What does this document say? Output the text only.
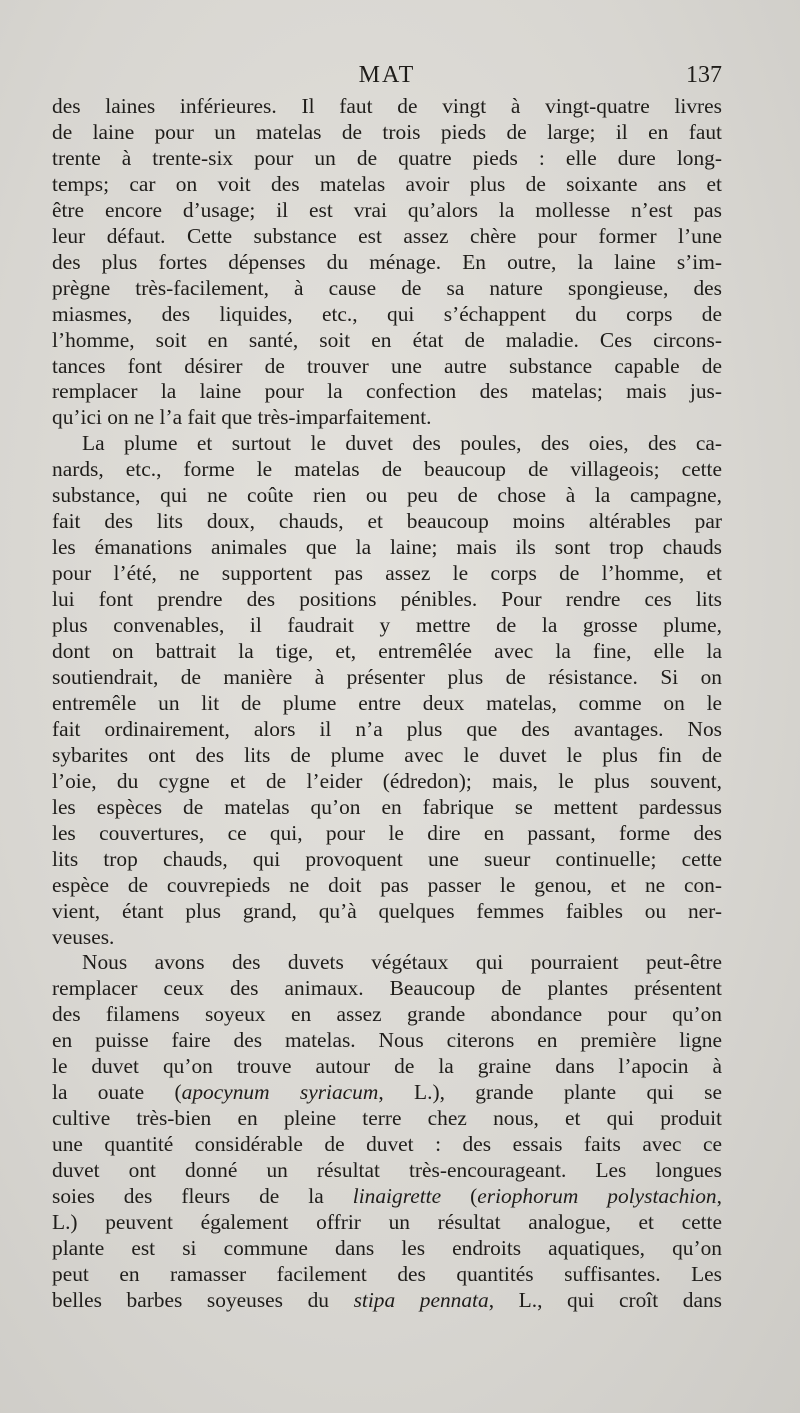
MAT	137
des laines inférieures. Il faut de vingt à vingt-quatre livres
de laine pour un matelas de trois pieds de large; il en faut
trente à trente-six pour un de quatre pieds : elle dure long-
temps; car on voit des matelas avoir plus de soixante ans et
être encore d’usage; il est vrai qu’alors la mollesse n’est pas
leur défaut. Cette substance est assez chère pour former l’une
des plus fortes dépenses du ménage. En outre, la laine s’im-
prègne très-facilement, à cause de sa nature spongieuse, des
miasmes, des liquides, etc., qui s’échappent du corps de
l’homme, soit en santé, soit en état de maladie. Ces circons-
tances font désirer de trouver une autre substance capable de
remplacer la laine pour la confection des matelas; mais jus-
qu’ici on ne l’a fait que très-imparfaitement.
La plume et surtout le duvet des poules, des oies, des ca-
nards, etc., forme le matelas de beaucoup de villageois; cette
substance, qui ne coûte rien ou peu de chose à la campagne,
fait des lits doux, chauds, et beaucoup moins altérables par
les émanations animales que la laine; mais ils sont trop chauds
pour l’été, ne supportent pas assez le corps de l’homme, et
lui font prendre des positions pénibles. Pour rendre ces lits
plus convenables, il faudrait y mettre de la grosse plume,
dont on battrait la tige, et, entremêlée avec la fine, elle la
soutiendrait, de manière à présenter plus de résistance. Si on
entremêle un lit de plume entre deux matelas, comme on le
fait ordinairement, alors il n’a plus que des avantages. Nos
sybarites ont des lits de plume avec le duvet le plus fin de
l’oie, du cygne et de l’eider (édredon); mais, le plus souvent,
les espèces de matelas qu’on en fabrique se mettent pardessus
les couvertures, ce qui, pour le dire en passant, forme des
lits trop chauds, qui provoquent une sueur continuelle; cette
espèce de couvrepieds ne doit pas passer le genou, et ne con-
vient, étant plus grand, qu’à quelques femmes faibles ou ner-
veuses.
Nous avons des duvets végétaux qui pourraient peut-être
remplacer ceux des animaux. Beaucoup de plantes présentent
des filamens soyeux en assez grande abondance pour qu’on
en puisse faire des matelas. Nous citerons en première ligne
le duvet qu’on trouve autour de la graine dans l’apocin à
la ouate (apocynum syriacum, L.), grande plante qui se
cultive très-bien en pleine terre chez nous, et qui produit
une quantité considérable de duvet : des essais faits avec ce
duvet ont donné un résultat très-encourageant. Les longues
soies des fleurs de la linaigrette (eriophorum polystachion,
L.) peuvent également offrir un résultat analogue, et cette
plante est si commune dans les endroits aquatiques, qu’on
peut en ramasser facilement des quantités suffisantes. Les
belles barbes soyeuses du stipa pennata, L., qui croît dans
